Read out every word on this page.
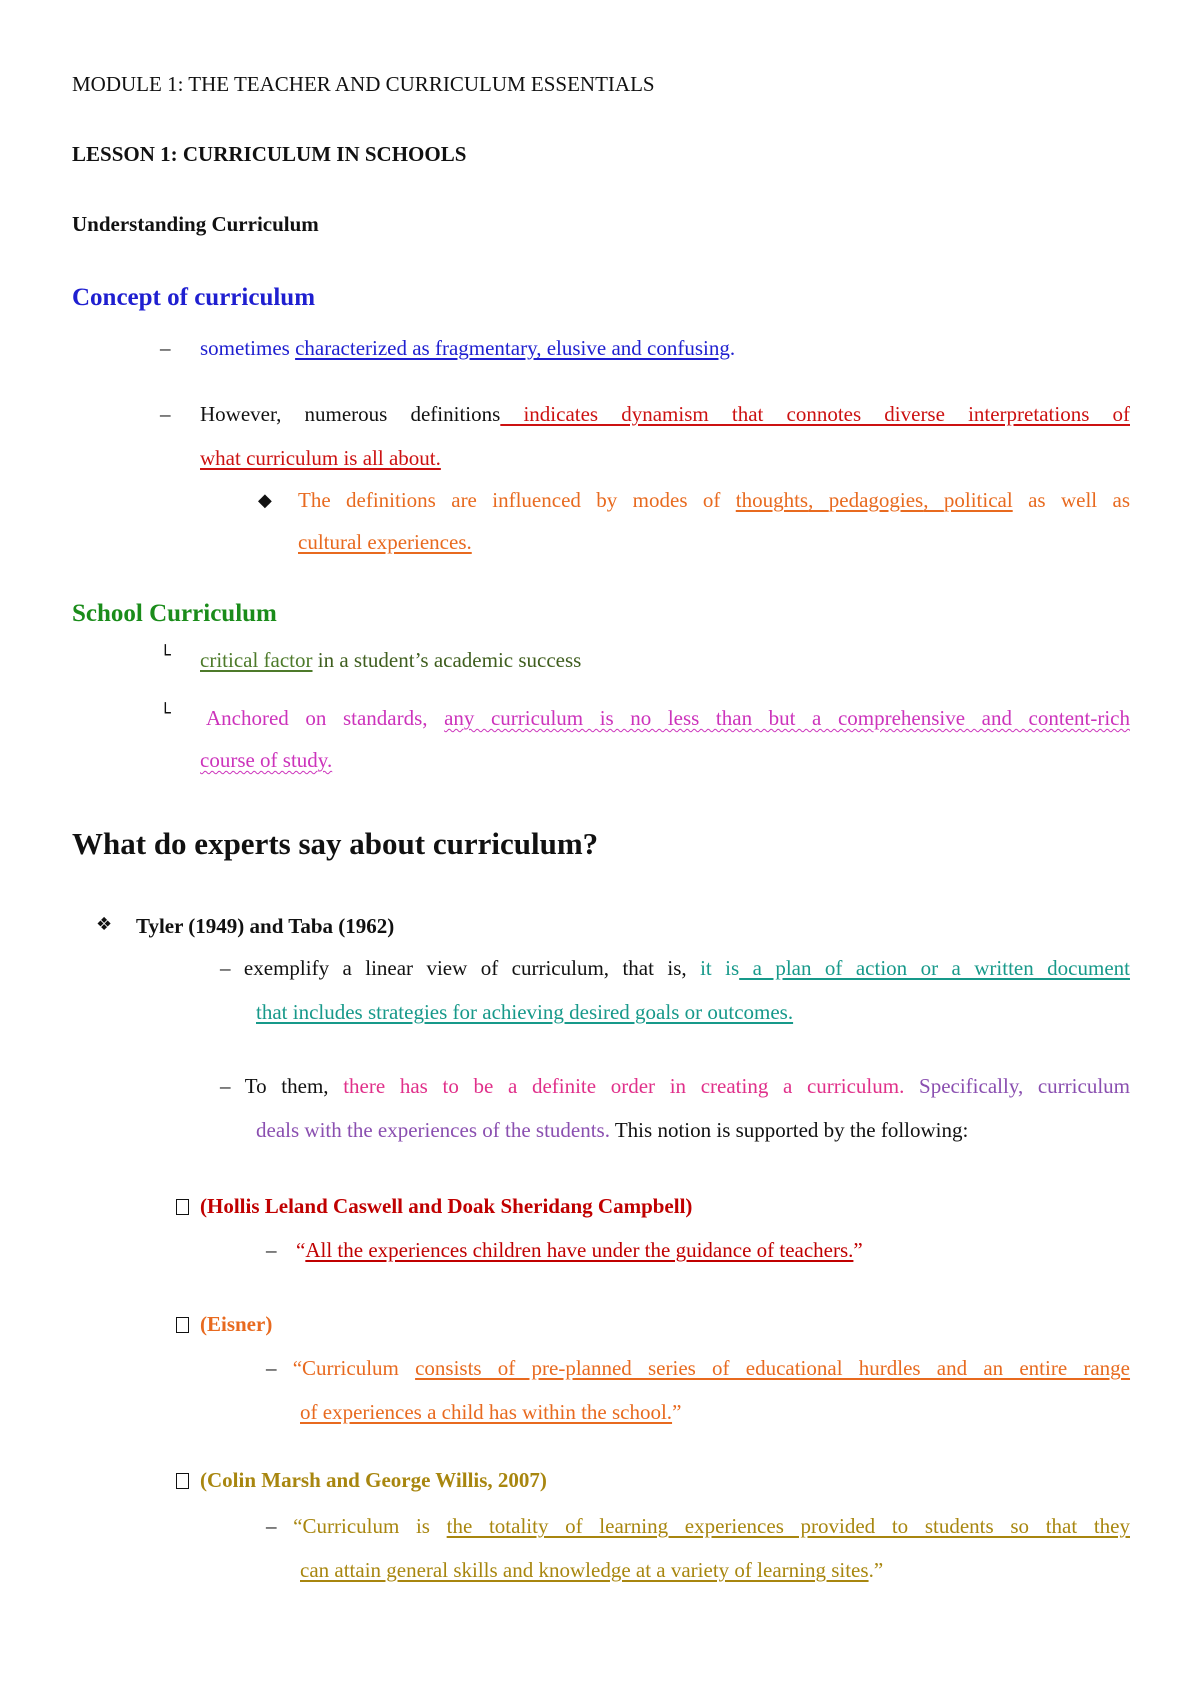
MODULE 1: THE TEACHER AND CURRICULUM ESSENTIALS
LESSON 1: CURRICULUM IN SCHOOLS
Understanding Curriculum
Concept of curriculum
– sometimes characterized as fragmentary, elusive and confusing.
– However, numerous definitions indicates dynamism that connotes diverse interpretations of
what curriculum is all about.
◆ The definitions are influenced by modes of thoughts, pedagogies, political as well as
cultural experiences.
School Curriculum
└ critical factor in a student’s academic success
└ Anchored on standards, any curriculum is no less than but a comprehensive and content-rich
course of study.
What do experts say about curriculum?
❖ Tyler (1949) and Taba (1962)
– exemplify a linear view of curriculum, that is, it is a plan of action or a written document
that includes strategies for achieving desired goals or outcomes.
– To them, there has to be a definite order in creating a curriculum. Specifically, curriculum
deals with the experiences of the students. This notion is supported by the following:
(Hollis Leland Caswell and Doak Sheridang Campbell)
– “All the experiences children have under the guidance of teachers.”
(Eisner)
– “Curriculum consists of pre-planned series of educational hurdles and an entire range
of experiences a child has within the school.”
(Colin Marsh and George Willis, 2007)
– “Curriculum is the totality of learning experiences provided to students so that they
can attain general skills and knowledge at a variety of learning sites.”
